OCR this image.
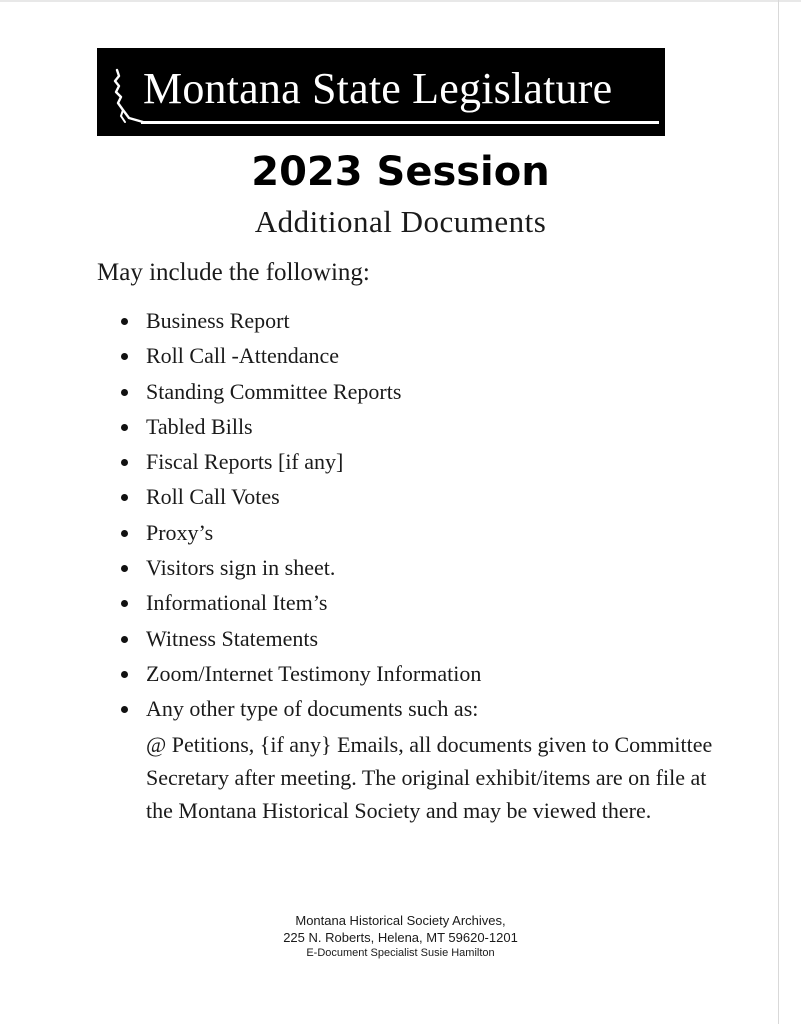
Montana State Legislature
2023 Session
Additional Documents
May include the following:
Business Report
Roll Call -Attendance
Standing Committee Reports
Tabled Bills
Fiscal Reports [if any]
Roll Call Votes
Proxy’s
Visitors sign in sheet.
Informational Item’s
Witness Statements
Zoom/Internet Testimony Information
Any other type of documents such as:
@ Petitions, {if any} Emails, all documents given to Committee Secretary after meeting. The original exhibit/items are on file at the Montana Historical Society and may be viewed there.
Montana Historical Society Archives,
225 N. Roberts, Helena, MT 59620-1201
E-Document Specialist Susie Hamilton
